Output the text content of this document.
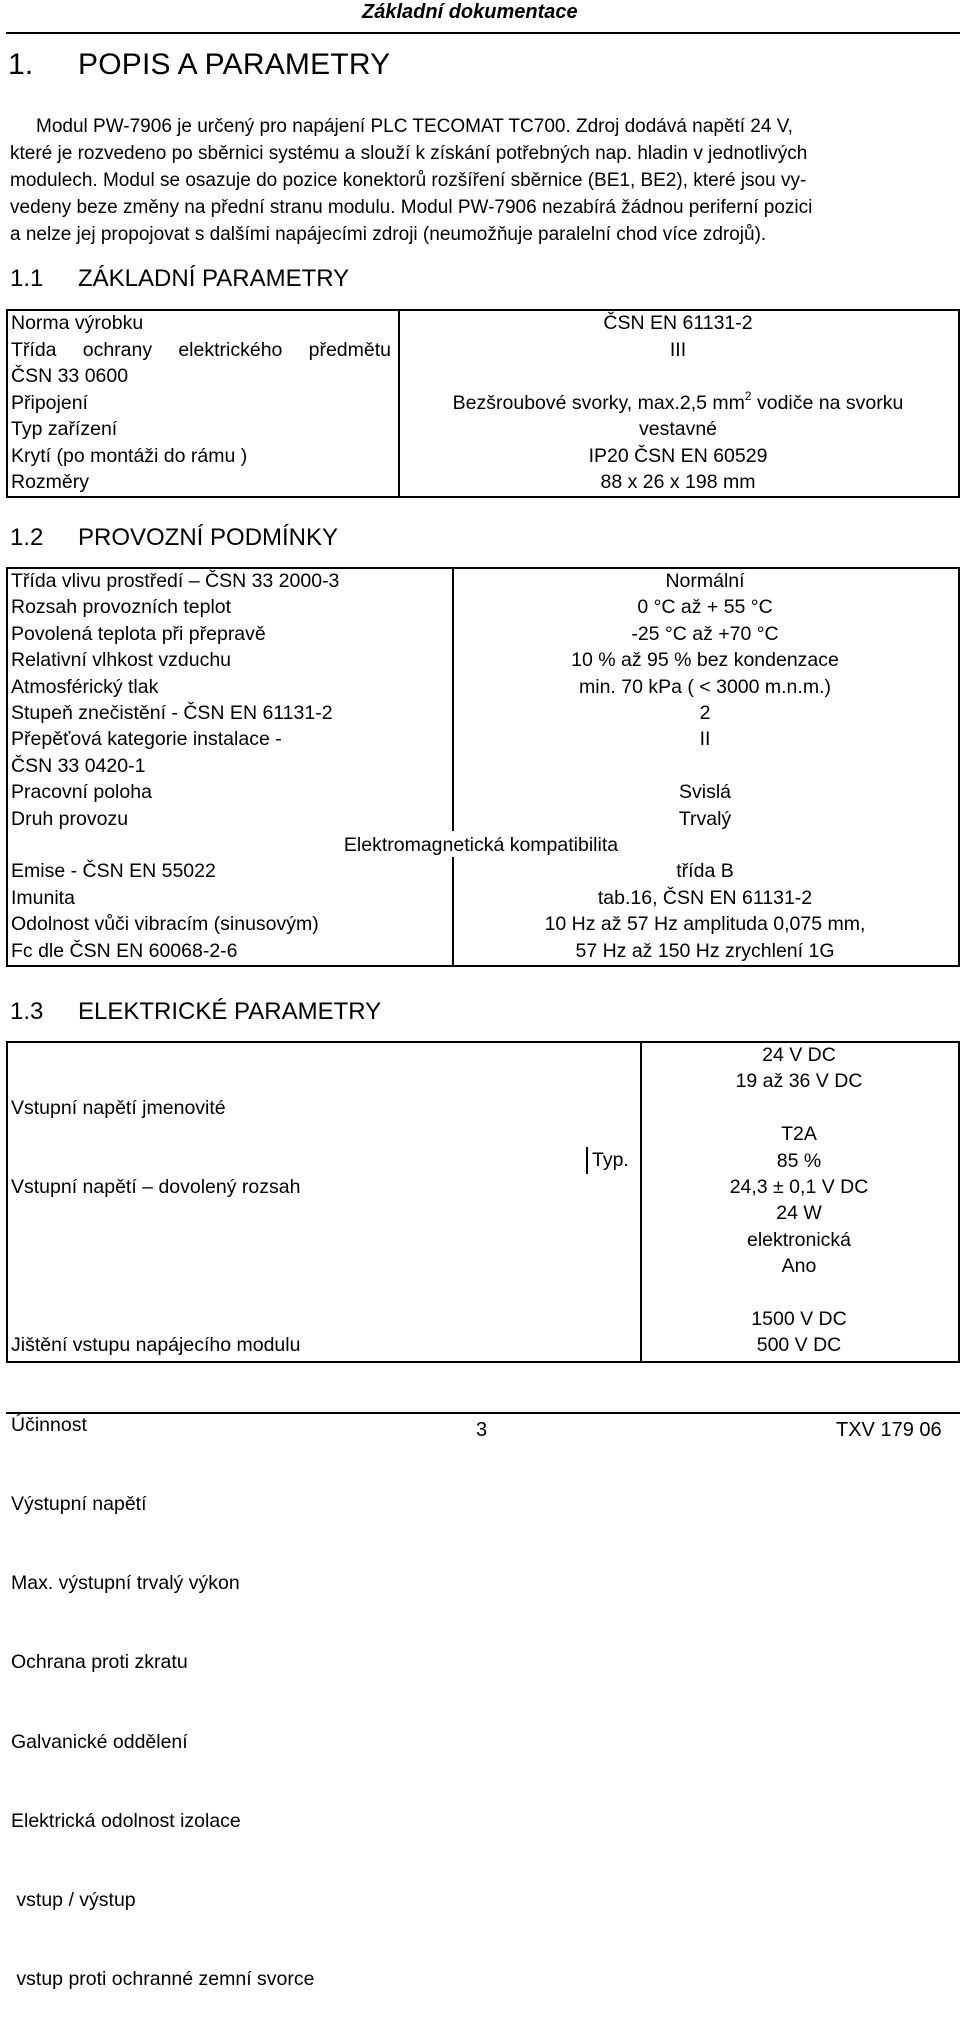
Základní dokumentace
1. POPIS A PARAMETRY

Modul PW-7906 je určený pro napájení PLC TECOMAT TC700. Zdroj dodává napětí 24 V,

které je rozvedeno po sběrnici systému a slouží k získání potřebných nap. hladin v jednotlivých

modulech. Modul se osazuje do pozice konektorů rozšíření sběrnice (BE1, BE2), které jsou vy-

vedeny beze změny na přední stranu modulu. Modul PW-7906 nezabírá žádnou periferní pozici

a nelze jej propojovat s dalšími napájecími zdroji (neumožňuje paralelní chod více zdrojů).

1.1 ZÁKLADNÍ PARAMETRY
Norma výrobku
Třída ochrany elektrického předmětu
ČSN 33 0600
Připojení
Typ zařízení
Krytí (po montáži do rámu )
Rozměry
ČSN EN 61131-2
III

Bezšroubové svorky, max.2,5 $mm^2$ vodiče na svorku
vestavné
IP20 ČSN EN 60529
88 x 26 x 198 mm
1.2 PROVOZNÍ PODMÍNKY
Třída vlivu prostředí – ČSN 33 2000-3
Rozsah provozních teplot
Povolená teplota při přepravě
Relativní vlhkost vzduchu
Atmosférický tlak
Stupeň znečistění - ČSN EN 61131-2
Přepěťová kategorie instalace -
ČSN 33 0420-1
Pracovní poloha
Druh provozu

Emise - ČSN EN 55022
Imunita
Odolnost vůči vibracím (sinusovým)
Fc dle ČSN EN 60068-2-6
Normální
0 °C až + 55 °C
-25 °C až +70 °C
10 % až 95 % bez kondenzace
min. 70 kPa ( < 3000 m.n.m.)
2
II

Svislá
Trvalý

třída B
tab.16, ČSN EN 61131-2
10 Hz až 57 Hz amplituda 0,075 mm,
57 Hz až 150 Hz zrychlení 1G
Elektromagnetická kompatibilita
1.3 ELEKTRICKÉ PARAMETRY

Vstupní napětí jmenovité

Vstupní napětí – dovolený rozsah

Jištění vstupu napájecího modulu

Účinnost

Výstupní napětí

Max. výstupní trvalý výkon

Ochrana proti zkratu

Galvanické oddělení

Elektrická odolnost izolace

vstup / výstup

vstup proti ochranné zemní svorce

Typ.
24 V DC
19 až 36 V DC

T2A
85 %
24,3 ± 0,1 V DC
24 W
elektronická
Ano

1500 V DC
500 V DC
3	TXV 179 06
